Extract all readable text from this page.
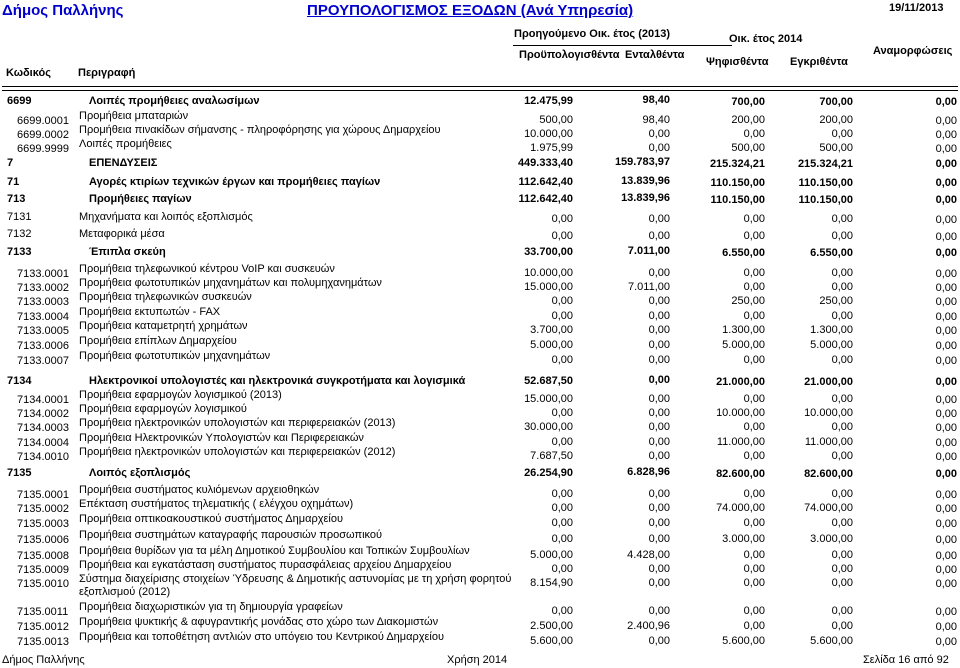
Δήμος Παλλήνης	ΠΡΟΥΠΟΛΟΓΙΣΜΟΣ ΕΞΟΔΩΝ (Ανά Υπηρεσία)	19/11/2013
Προηγούμενο Οικ. έτος (2013)	Οικ. έτος 2014
Προϋπολογισθέντα Ενταλθέντα
Κωδικός Περιγραφή
Ψηφισθέντα Εγκριθέντα
Αναμορφώσεις
6699	Λοιπές προμήθειες αναλωσίμων	12.475,99	98,40	700,00	700,00	0,00
6699.0001 Προμήθεια μπαταριών	500,00	98,40	200,00	200,00	0,00
6699.0002 Προμήθεια πινακίδων σήμανσης - πληροφόρησης για χώρους Δημαρχείου	10.000,00	0,00	0,00	0,00	0,00
6699.9999 Λοιπές προμήθειες	1.975,99	0,00	500,00	500,00	0,00
7	ΕΠΕΝΔΥΣΕΙΣ	449.333,40	159.783,97	215.324,21	215.324,21	0,00
71	Αγορές κτιρίων τεχνικών έργων και προμήθειες παγίων	112.642,40	13.839,96	110.150,00	110.150,00	0,00
713	Προμήθειες παγίων	112.642,40	13.839,96	110.150,00	110.150,00	0,00
7131	Μηχανήματα και λοιπός εξοπλισμός	0,00	0,00	0,00	0,00	0,00
7132	Μεταφορικά μέσα	0,00	0,00	0,00	0,00	0,00
7133	Έπιπλα σκεύη	33.700,00	7.011,00	6.550,00	6.550,00	0,00
7133.0001 Προμήθεια τηλεφωνικού κέντρου VoIP και συσκευών	10.000,00	0,00	0,00	0,00	0,00
7133.0002 Προμήθεια φωτοτυπικών μηχανημάτων και πολυμηχανημάτων	15.000,00	7.011,00	0,00	0,00	0,00
7133.0003 Προμήθεια τηλεφωνικών συσκευών	0,00	0,00	250,00	250,00	0,00
7133.0004 Προμήθεια εκτυπωτών - FAX	0,00	0,00	0,00	0,00	0,00
7133.0005 Προμήθεια καταμετρητή χρημάτων	3.700,00	0,00	1.300,00	1.300,00	0,00
7133.0006 Προμήθεια επίπλων Δημαρχείου	5.000,00	0,00	5.000,00	5.000,00	0,00
7133.0007 Προμήθεια φωτοτυπικών μηχανημάτων	0,00	0,00	0,00	0,00	0,00
7134	Ηλεκτρονικοί υπολογιστές και ηλεκτρονικά συγκροτήματα και λογισμικά	52.687,50	0,00	21.000,00	21.000,00	0,00
7134.0001 Προμήθεια εφαρμογών λογισμικού (2013)	15.000,00	0,00	0,00	0,00	0,00
7134.0002 Προμήθεια εφαρμογών λογισμικού	0,00	0,00	10.000,00	10.000,00	0,00
7134.0003 Προμήθεια ηλεκτρονικών υπολογιστών και περιφερειακών (2013)	30.000,00	0,00	0,00	0,00	0,00
7134.0004 Προμήθεια Ηλεκτρονικών Υπολογιστών και Περιφερειακών	0,00	0,00	11.000,00	11.000,00	0,00
7134.0010 Προμήθεια ηλεκτρονικών υπολογιστών και περιφερειακών (2012)	7.687,50	0,00	0,00	0,00	0,00
7135	Λοιπός εξοπλισμός	26.254,90	6.828,96	82.600,00	82.600,00	0,00
7135.0001 Προμήθεια συστήματος κυλιόμενων αρχειοθηκών	0,00	0,00	0,00	0,00	0,00
7135.0002 Επέκταση συστήματος τηλεματικής ( ελέγχου οχημάτων)	0,00	0,00	74.000,00	74.000,00	0,00
7135.0003 Προμήθεια οπτικοακουστικού συστήματος Δημαρχείου	0,00	0,00	0,00	0,00	0,00
7135.0006 Προμήθεια συστημάτων καταγραφής παρουσιών προσωπικού	0,00	0,00	3.000,00	3.000,00	0,00
7135.0008 Προμήθεια θυρίδων για τα μέλη Δημοτικού Συμβουλίου και Τοπικών Συμβουλίων	5.000,00	4.428,00	0,00	0,00	0,00
7135.0009 Προμήθεια και εγκατάσταση συστήματος πυρασφάλειας αρχείου Δημαρχείου	0,00	0,00	0,00	0,00	0,00
7135.0010 Σύστημα διαχείρισης στοιχείων Ύδρευσης & Δημοτικής αστυνομίας με τη χρήση φορητού
εξοπλισμού (2012)
8.154,90	0,00	0,00	0,00	0,00
7135.0011 Προμήθεια διαχωριστικών για τη δημιουργία γραφείων	0,00	0,00	0,00	0,00	0,00
7135.0012 Προμήθεια ψυκτικής & αφυγραντικής μονάδας στο χώρο των Διακομιστών	2.500,00	2.400,96	0,00	0,00	0,00
7135.0013 Προμήθεια και τοποθέτηση αντλιών στο υπόγειο του Κεντρικού Δημαρχείου	5.600,00	0,00	5.600,00	5.600,00	0,00
Δήμος Παλλήνης	Χρήση 2014	Σελίδα 16 από 92
